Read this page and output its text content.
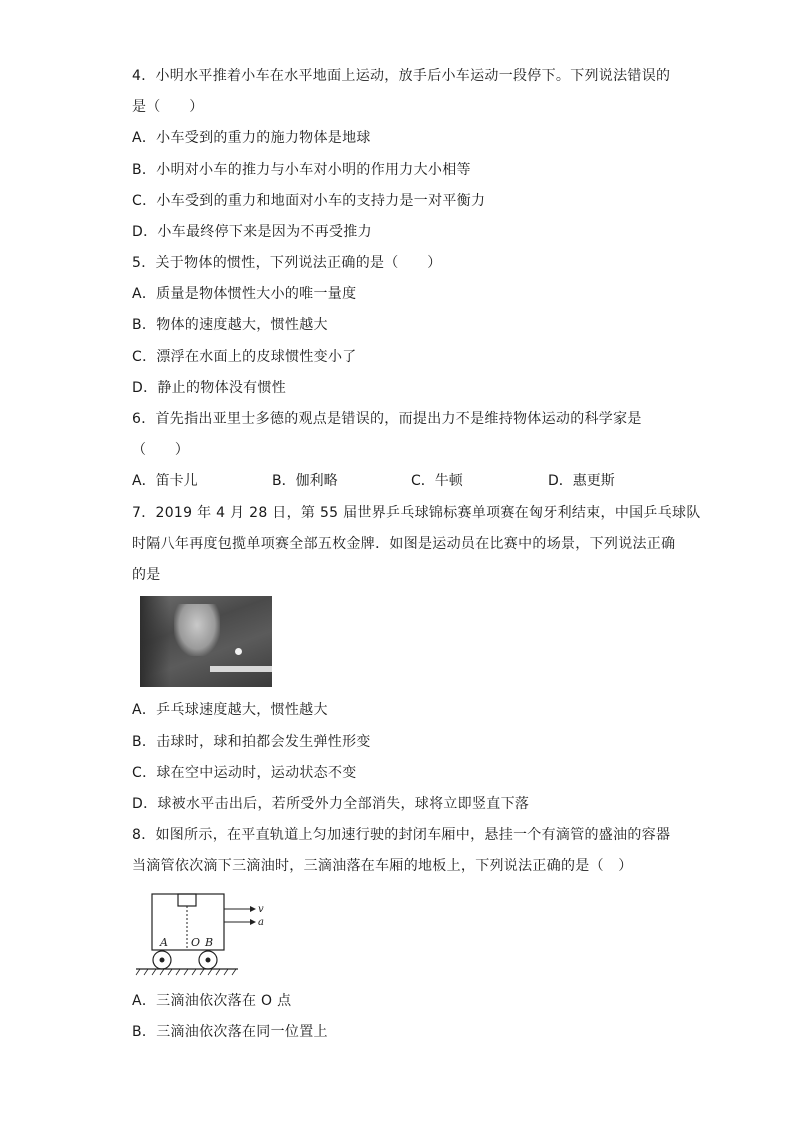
4．小明水平推着小车在水平地面上运动，放手后小车运动一段停下。下列说法错误的
是（　　）
A．小车受到的重力的施力物体是地球
B．小明对小车的推力与小车对小明的作用力大小相等
C．小车受到的重力和地面对小车的支持力是一对平衡力
D．小车最终停下来是因为不再受推力
5．关于物体的惯性，下列说法正确的是（　　）
A．质量是物体惯性大小的唯一量度
B．物体的速度越大，惯性越大
C．漂浮在水面上的皮球惯性变小了
D．静止的物体没有惯性
6．首先指出亚里士多德的观点是错误的，而提出力不是维持物体运动的科学家是
（　　）
A．笛卡儿	B．伽利略	C．牛顿	D．惠更斯
7．2019 年 4 月 28 日，第 55 届世界乒乓球锦标赛单项赛在匈牙利结束，中国乒乓球队
时隔八年再度包揽单项赛全部五枚金牌．如图是运动员在比赛中的场景，下列说法正确
的是
A．乒乓球速度越大，惯性越大
B．击球时，球和拍都会发生弹性形变
C．球在空中运动时，运动状态不变
D．球被水平击出后，若所受外力全部消失，球将立即竖直下落
8．如图所示，在平直轨道上匀加速行驶的封闭车厢中，悬挂一个有滴管的盛油的容器
当滴管依次滴下三滴油时，三滴油落在车厢的地板上，下列说法正确的是（　）
v
a
A O B
A．三滴油依次落在 O 点
B．三滴油依次落在同一位置上
